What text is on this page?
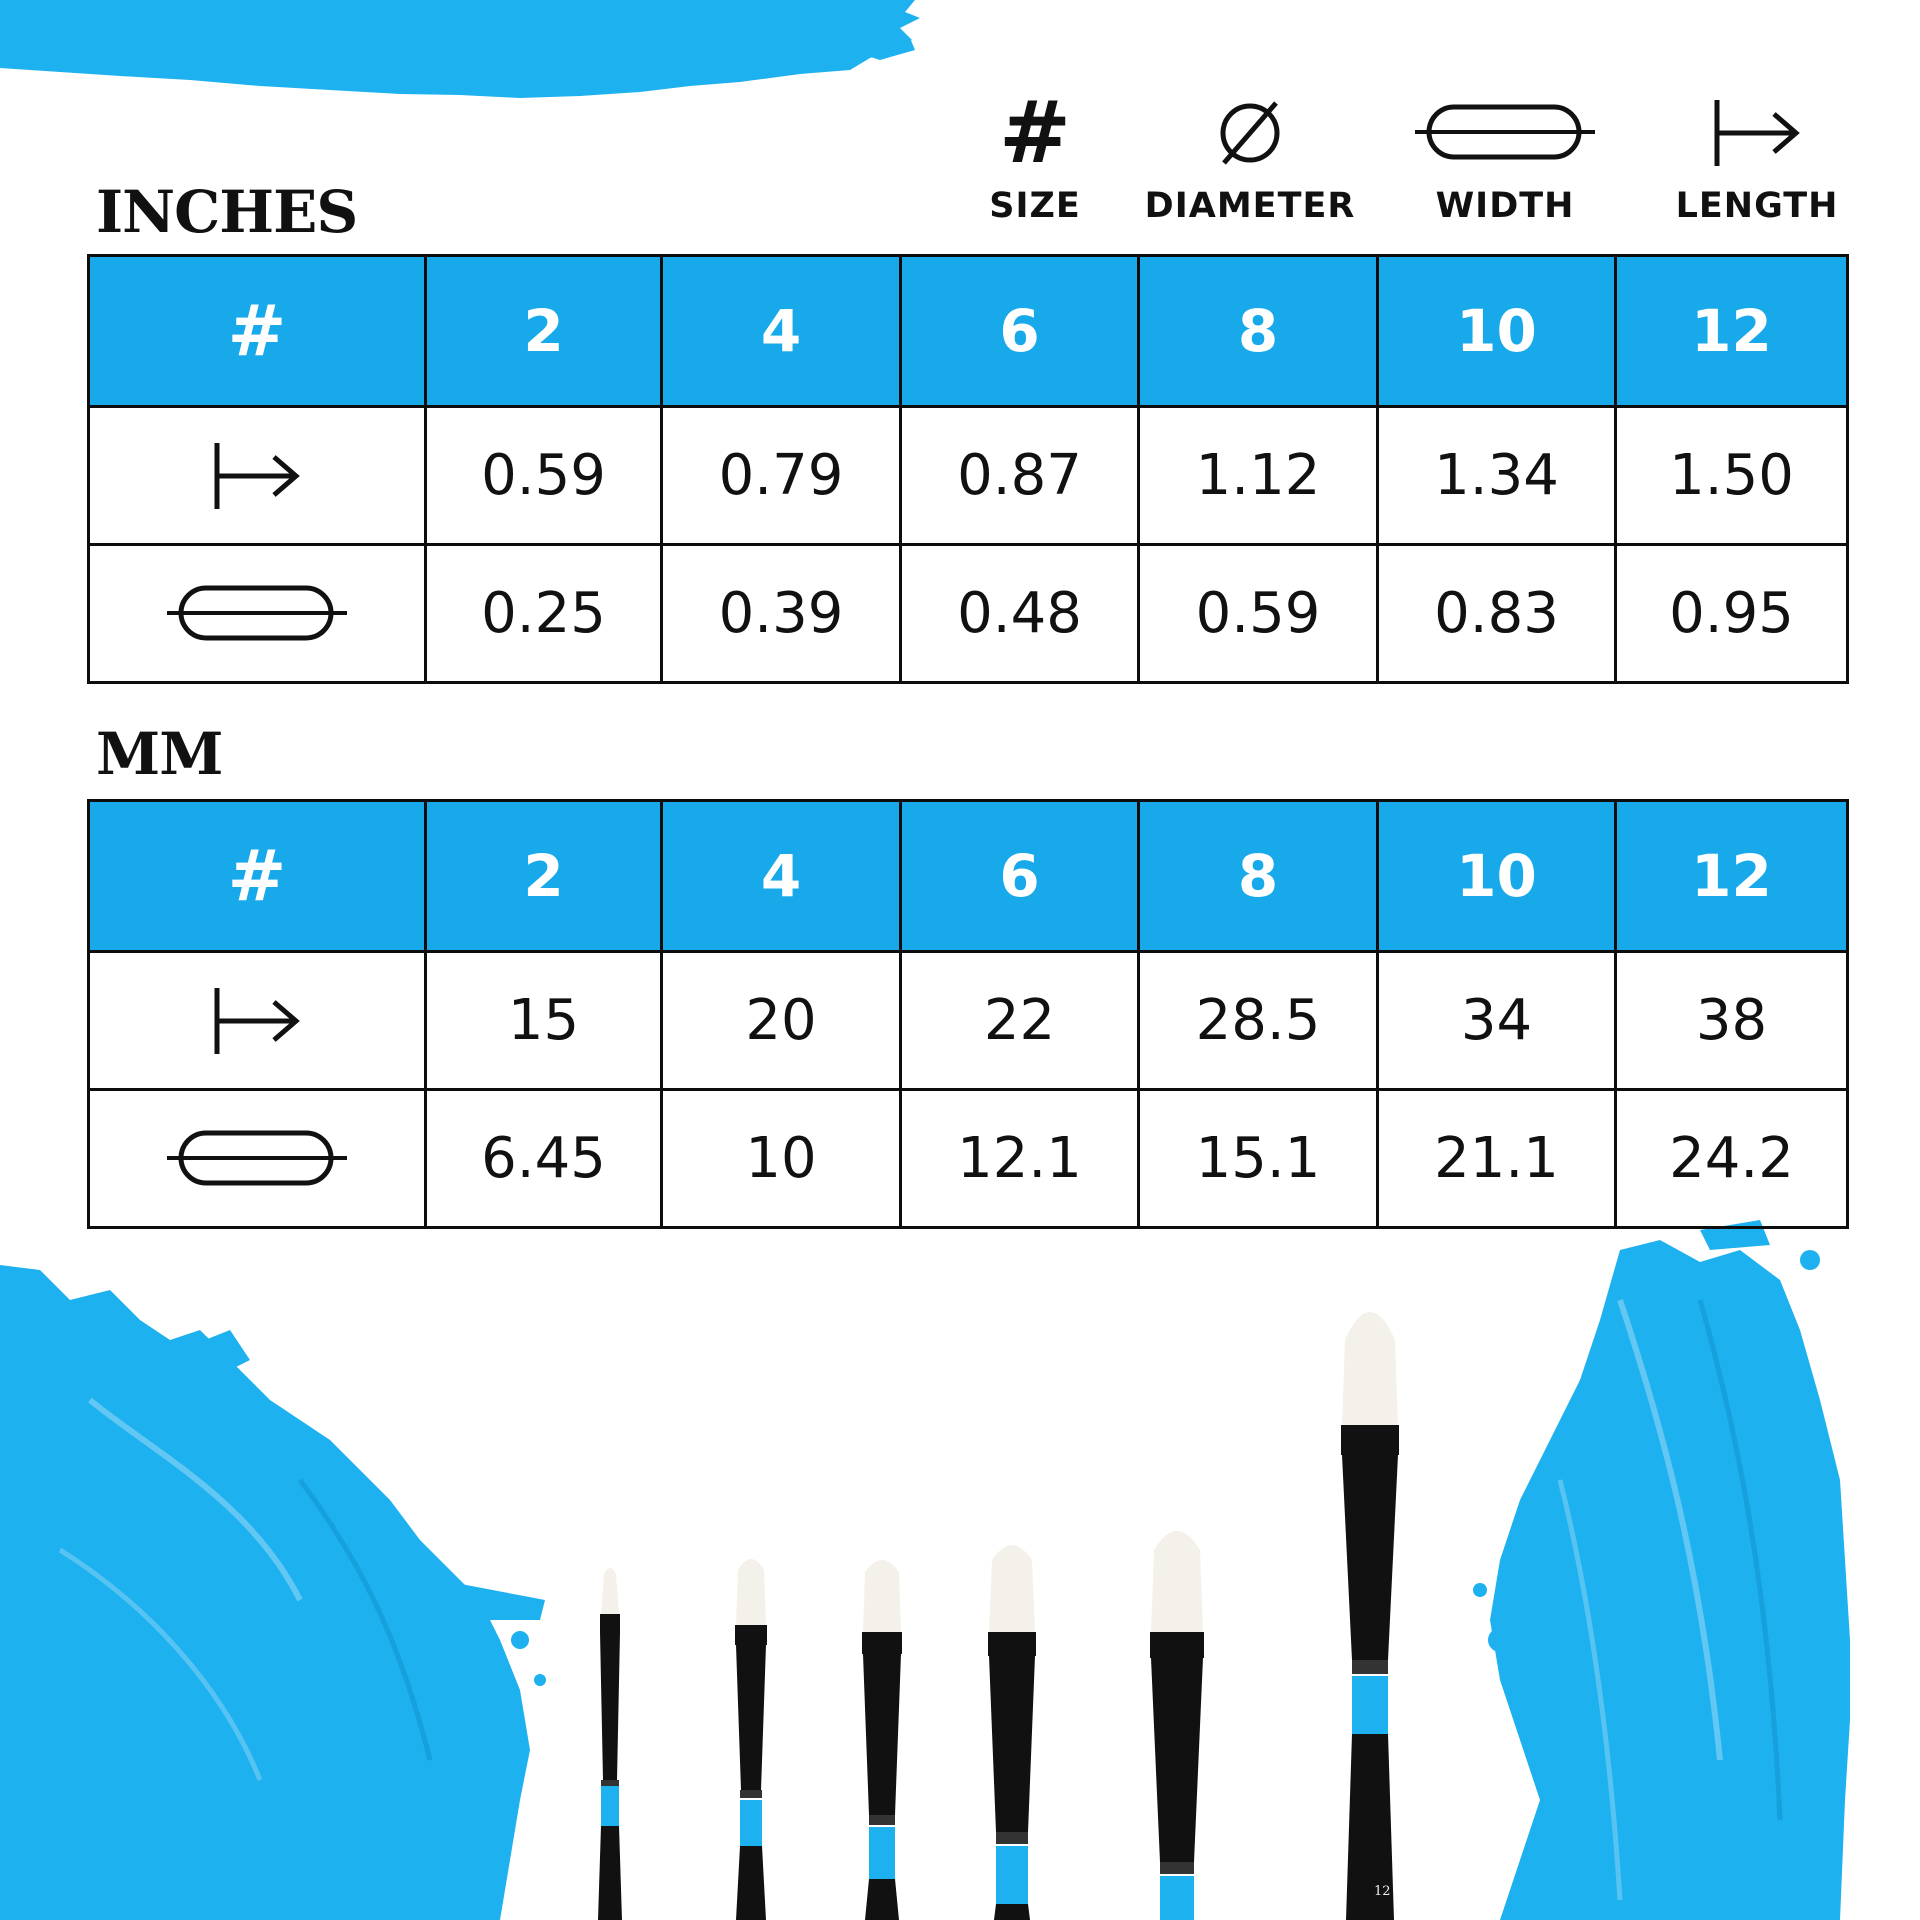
12
#
SIZE	DIAMETER	WIDTH	LENGTH
INCHES
#	2	4	6	8	10	12

	0.59	0.79	0.87	1.12	1.34	1.50

	0.25	0.39	0.48	0.59	0.83	0.95
MM
#	2	4	6	8	10	12

	15	20	22	28.5	34	38

	6.45	10	12.1	15.1	21.1	24.2
